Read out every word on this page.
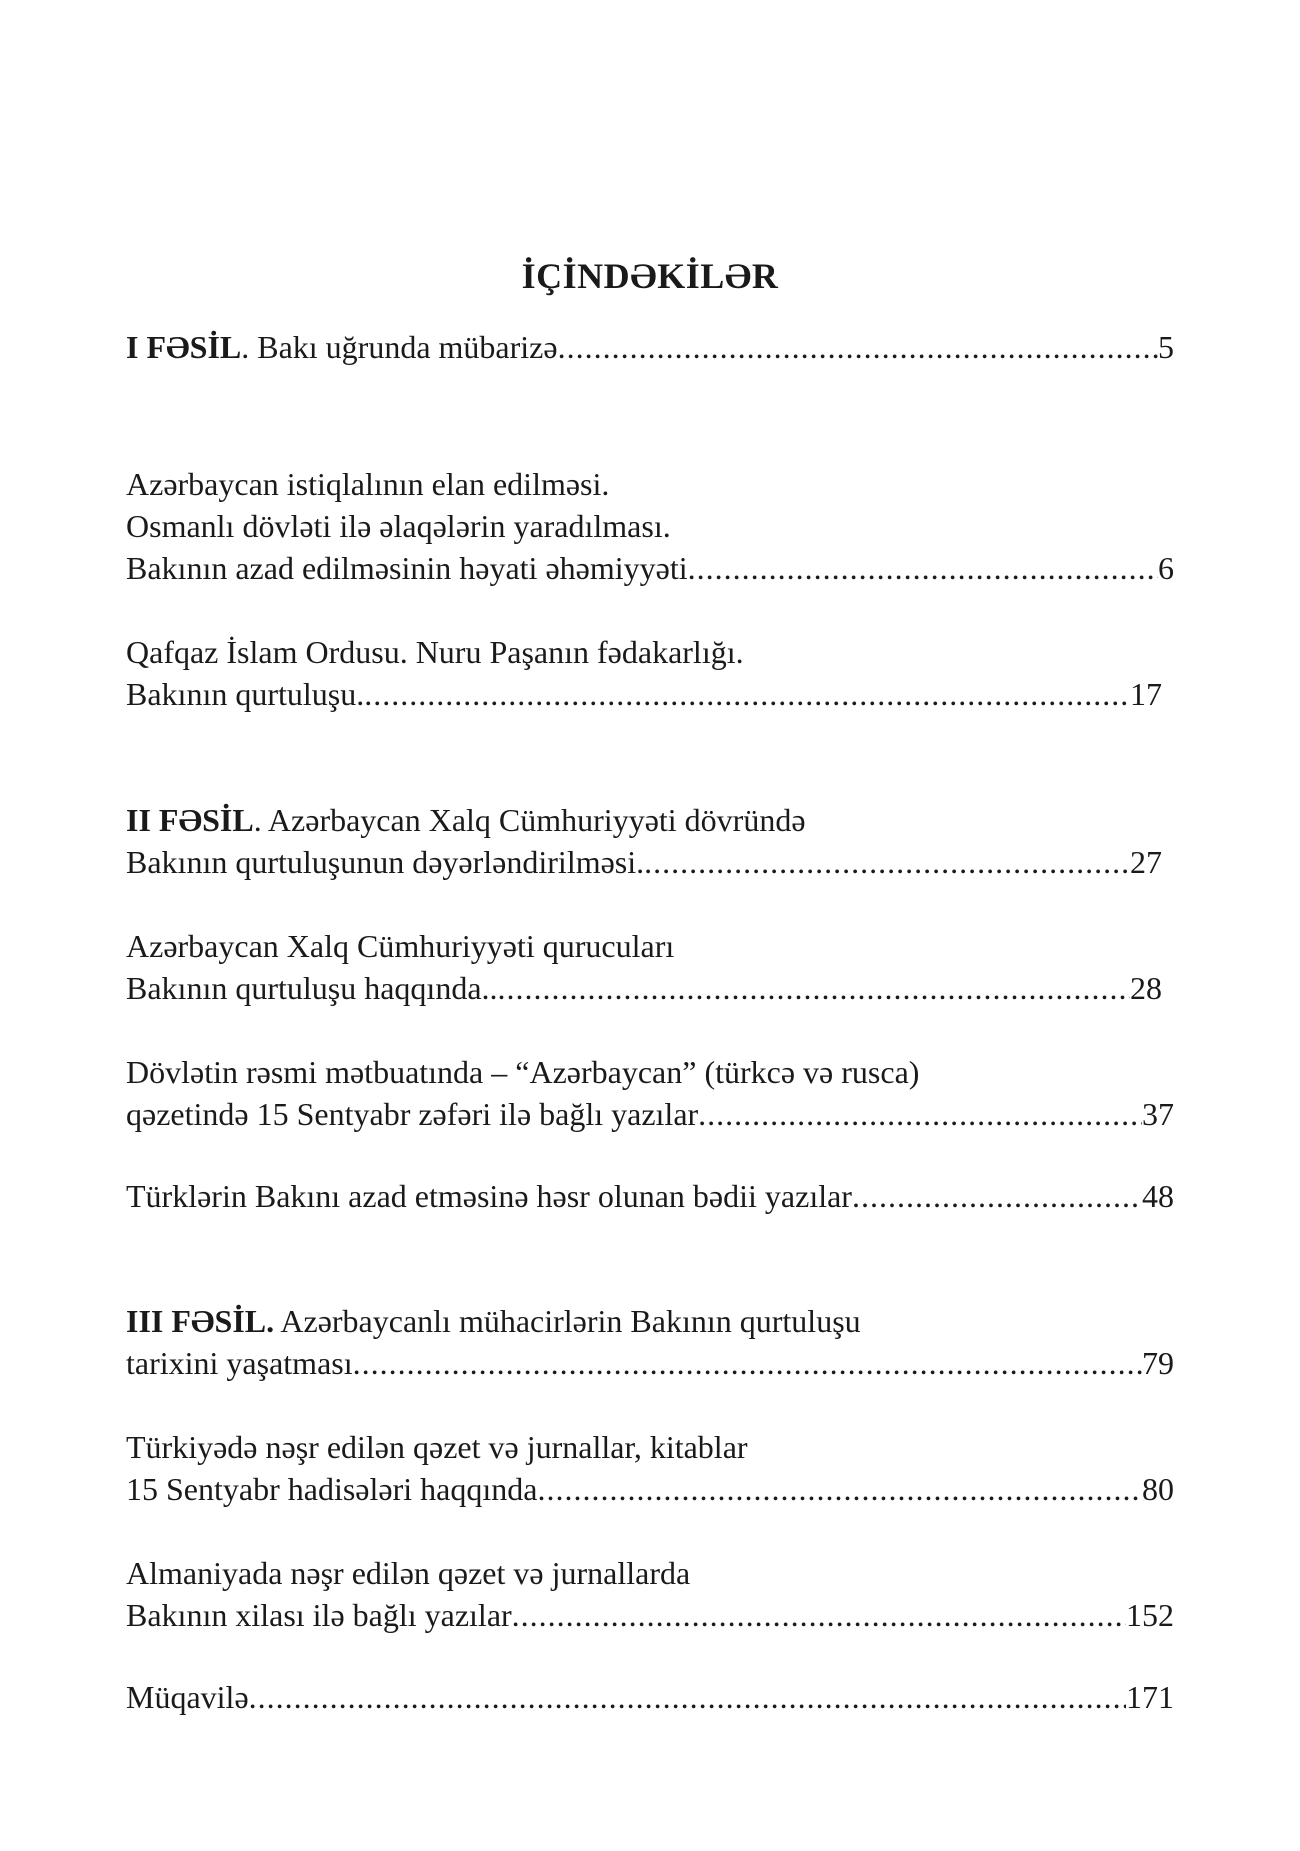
İÇİNDƏKİLƏR
I FƏSİL. Bakı uğrunda mübarizə .....	5
Azərbaycan istiqlalının elan edilməsi.
Osmanlı dövləti ilə əlaqələrin yaradılması.
Bakının azad edilməsinin həyati əhəmiyyəti .....	6
Qafqaz İslam Ordusu. Nuru Paşanın fədakarlığı.
Bakının qurtuluşu. .....	17
II FƏSİL. Azərbaycan Xalq Cümhuriyyəti dövründə
Bakının qurtuluşunun dəyərləndirilməsi. .....	27
Azərbaycan Xalq Cümhuriyyəti qurucuları
Bakının qurtuluşu haqqında.. .....	28
Dövlətin rəsmi mətbuatında – “Azərbaycan” (türkcə və rusca)
qəzetində 15 Sentyabr zəfəri ilə bağlı yazılar .....	37
Türklərin Bakını azad etməsinə həsr olunan bədii yazılar .....	48
III FƏSİL. Azərbaycanlı mühacirlərin Bakının qurtuluşu
tarixini yaşatması .....	79
Türkiyədə nəşr edilən qəzet və jurnallar, kitablar
15 Sentyabr hadisələri haqqında .....	80
Almaniyada nəşr edilən qəzet və jurnallarda
Bakının xilası ilə bağlı yazılar .....	152
Müqavilə .....	171
